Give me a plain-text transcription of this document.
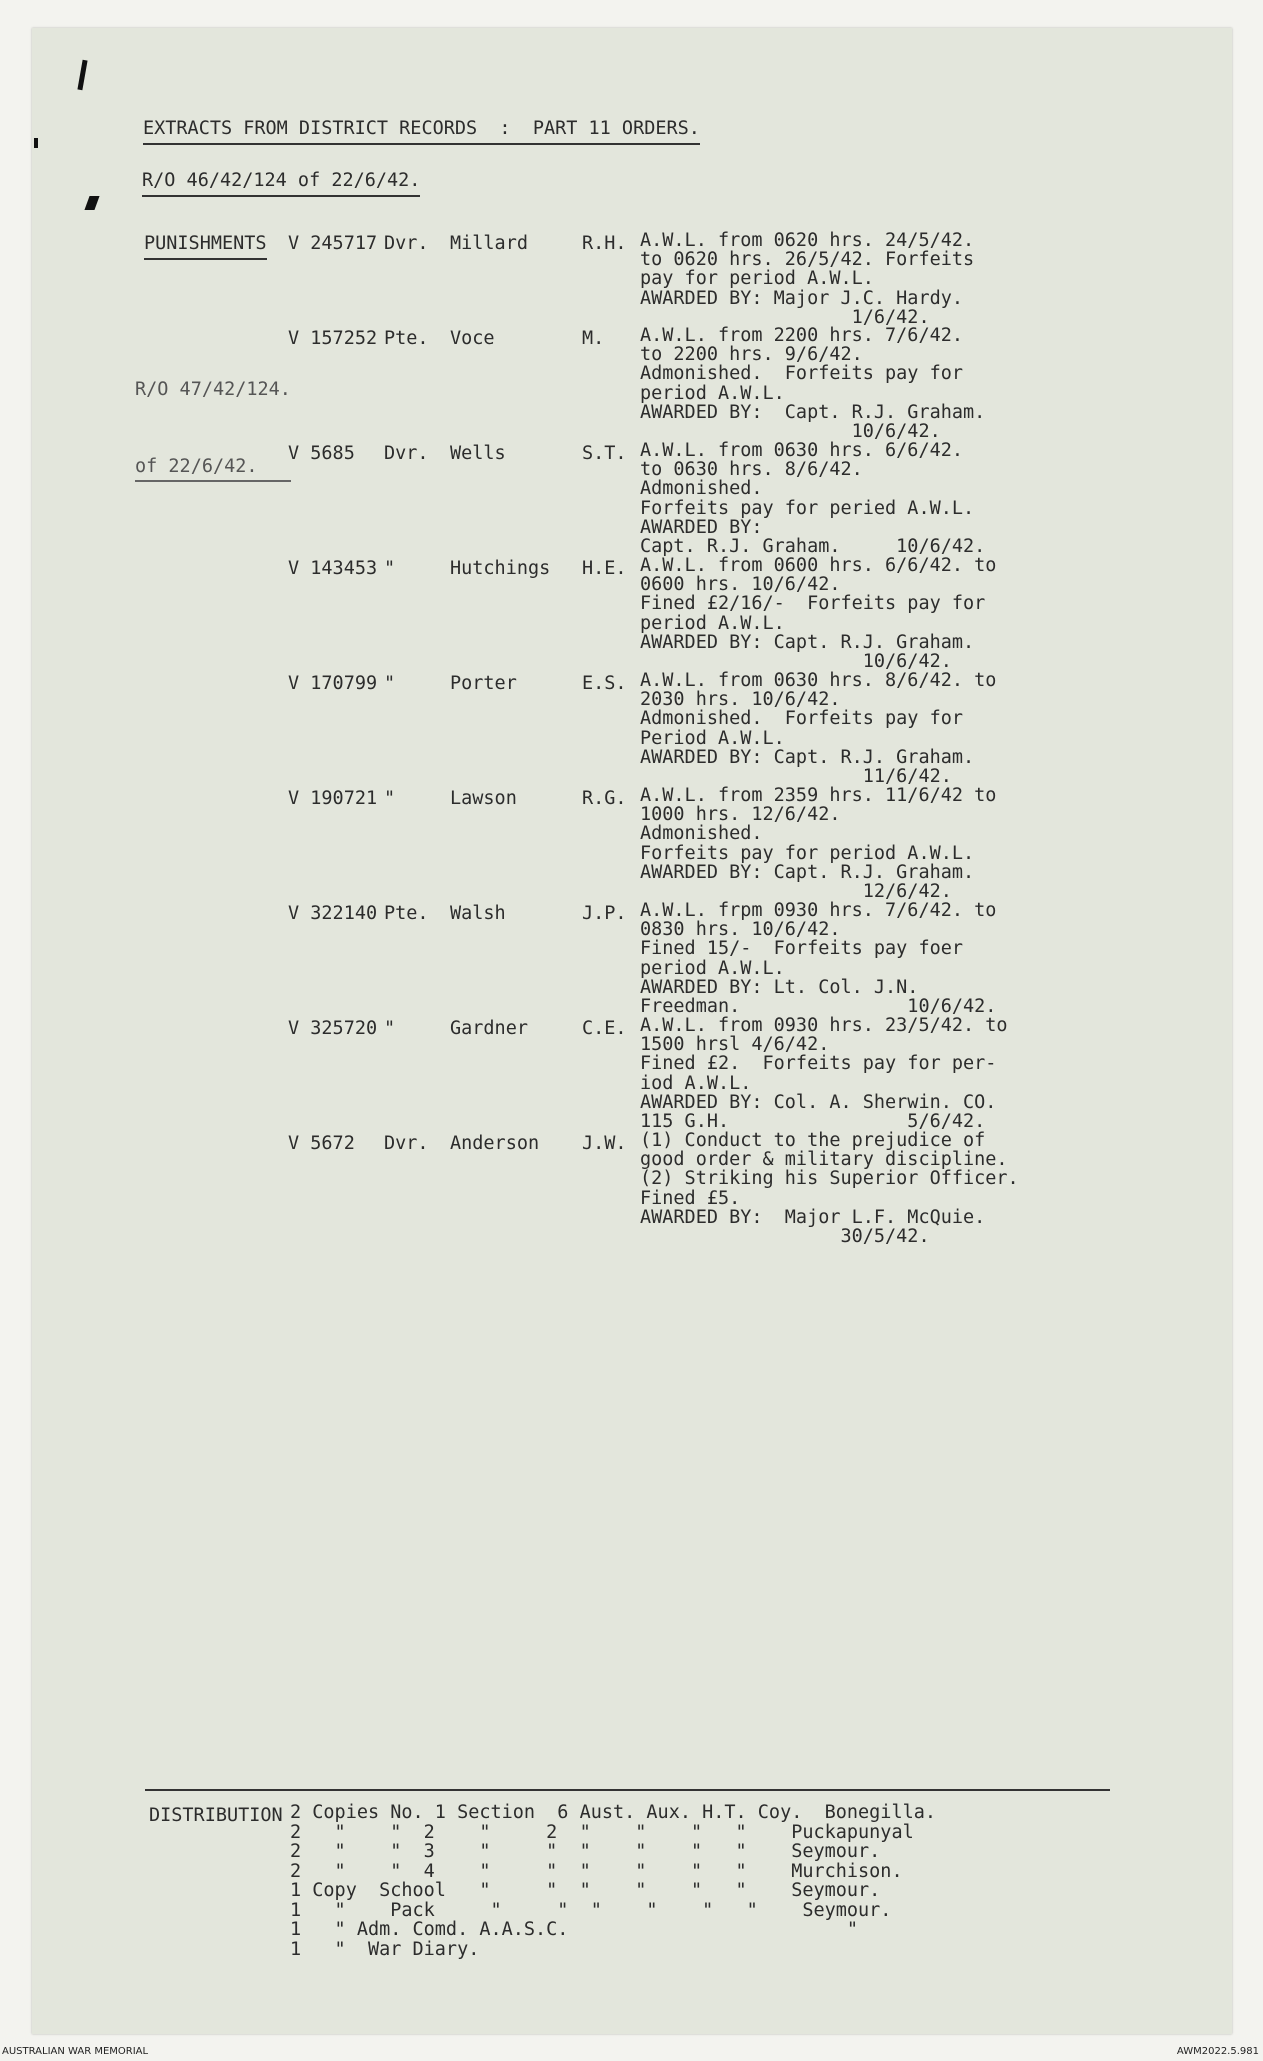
EXTRACTS FROM DISTRICT RECORDS  :  PART 11 ORDERS.
R/O 46/42/124 of 22/6/42.
PUNISHMENTS

R/O 47/42/124.

of 22/6/42.

V 245717 Dvr. Millard	R.H. A.W.L. from 0620 hrs. 24/5/42.
to 0620 hrs. 26/5/42. Forfeits
pay for period A.W.L.
AWARDED BY: Major J.C. Hardy.
1/6/42.
V 157252 Pte. Voce	M. A.W.L. from 2200 hrs. 7/6/42.
to 2200 hrs. 9/6/42.
Admonished.  Forfeits pay for
period A.W.L.
AWARDED BY:  Capt. R.J. Graham.
10/6/42.
V 5685 Dvr. Wells	S.T. A.W.L. from 0630 hrs. 6/6/42.
to 0630 hrs. 8/6/42.
Admonished.
Forfeits pay for peried A.W.L.
AWARDED BY:
Capt. R.J. Graham.     10/6/42.
V 143453 "	Hutchings H.E. A.W.L. from 0600 hrs. 6/6/42. to
0600 hrs. 10/6/42.
Fined £2/16/-  Forfeits pay for
period A.W.L.
AWARDED BY: Capt. R.J. Graham.
10/6/42.
V 170799 "	Porter	E.S. A.W.L. from 0630 hrs. 8/6/42. to
2030 hrs. 10/6/42.
Admonished.  Forfeits pay for
Period A.W.L.
AWARDED BY: Capt. R.J. Graham.
11/6/42.
V 190721 "	Lawson	R.G. A.W.L. from 2359 hrs. 11/6/42 to
1000 hrs. 12/6/42.
Admonished.
Forfeits pay for period A.W.L.
AWARDED BY: Capt. R.J. Graham.
12/6/42.
V 322140 Pte. Walsh	J.P. A.W.L. frpm 0930 hrs. 7/6/42. to
0830 hrs. 10/6/42.
Fined 15/-  Forfeits pay foer
period A.W.L.
AWARDED BY: Lt. Col. J.N.
Freedman.               10/6/42.
V 325720 "	Gardner	C.E. A.W.L. from 0930 hrs. 23/5/42. to
1500 hrsl 4/6/42.
Fined £2.  Forfeits pay for per-
iod A.W.L.
AWARDED BY: Col. A. Sherwin. CO.
115 G.H.                5/6/42.
V 5672 Dvr. Anderson J.W. (1) Conduct to the prejudice of
good order & military discipline.
(2) Striking his Superior Officer.
Fined £5.
AWARDED BY:  Major L.F. McQuie.
30/5/42.
DISTRIBUTION 2 Copies No. 1 Section  6 Aust. Aux. H.T. Coy.  Bonegilla.
2   "    "  2    "     2  "    "    "   "    Puckapunyal
2   "    "  3    "     "  "    "    "   "    Seymour.
2   "    "  4    "     "  "    "    "   "    Murchison.
1 Copy  School   "     "  "    "    "   "    Seymour.
1   "    Pack     "     "  "    "    "   "    Seymour.
1   " Adm. Comd. A.A.S.C.                         "
1   "  War Diary.
AUSTRALIAN WAR MEMORIAL	AWM2022.5.981
